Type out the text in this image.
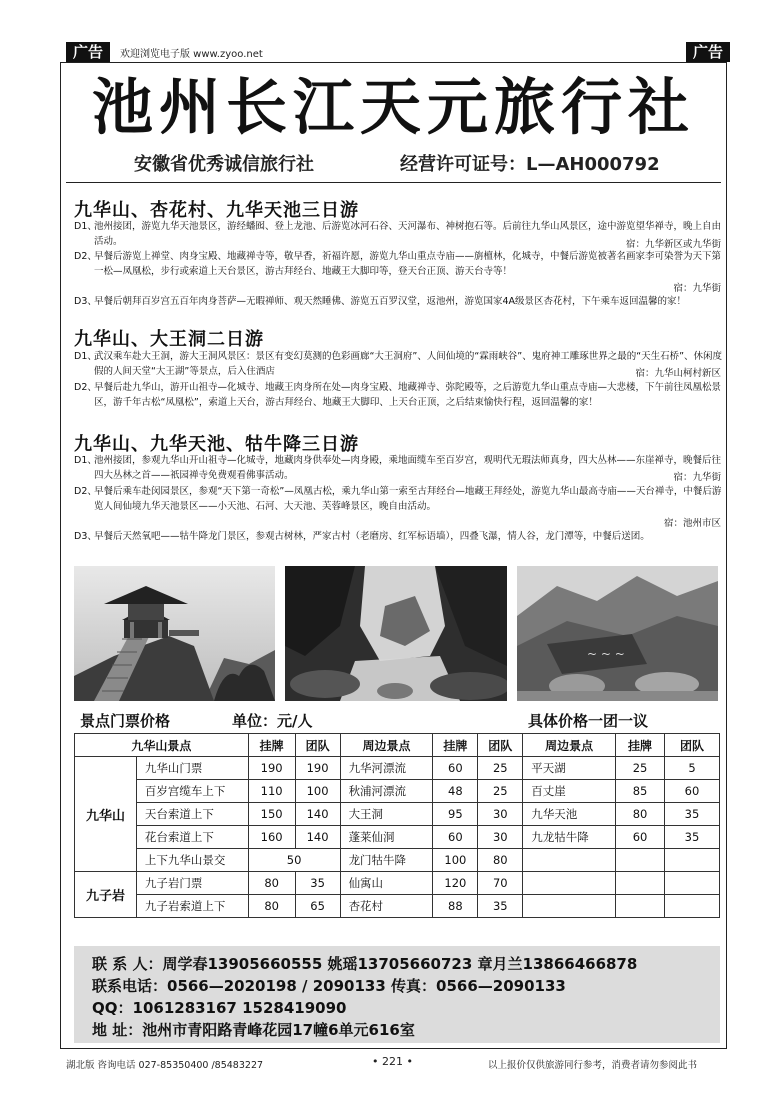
广告	欢迎浏览电子版 www.zyoo.net	广告
池州长江天元旅行社
安徽省优秀诚信旅行社	经营许可证号：L—AH000792
九华山、杏花村、九华天池三日游
D1、
池州接团，游览九华天池景区，游经蟠囮、登上龙池、后游览冰河石谷、天河瀑布、神树抱石等。后前往九华山风景区，途中游览望华禅寺，晚上自由活动。	宿：九华新区或九华街
D2、
早餐后游览上禅堂、肉身宝殿、地藏禅寺等，敬早香，祈福许愿，游览九华山重点寺庙——旃檀林，化城寺，中餐后游览被著名画家李可染誉为天下第一松—凤凰松，步行或索道上天台景区，游古拜经台、地藏王大脚印等，登天台正顶、游天台寺等！
宿：九华街
D3、
早餐后朝拜百岁宫五百年肉身菩萨—无暇禅师、观天然睡佛、游览五百罗汉堂，返池州，游览国家4A级景区杏花村，下午乘车返回温馨的家！
九华山、大王洞二日游
D1、
武汉乘车赴大王洞，游大王洞风景区：景区有变幻莫测的色彩画廊“大王洞府”、人间仙境的“霖雨峡谷”、鬼府神工雕琢世界之最的“天生石桥”、休闲度假的人间天堂“大王湖”等景点，后入住酒店	宿：九华山柯村新区
D2、
早餐后赴九华山，游开山祖寺—化城寺、地藏王肉身所在处—肉身宝殿、地藏禅寺、弥陀殿等，之后游览九华山重点寺庙—大悲楼，下午前往凤凰松景区，游千年古松“凤凰松”，索道上天台，游古拜经台、地藏王大脚印、上天台正顶，之后结束愉快行程，返回温馨的家！
九华山、九华天池、牯牛降三日游
D1、
池州接团，参观九华山开山祖寺—化城寺，地藏肉身供奉处—肉身殿，乘地面缆车至百岁宫，观明代无瑕法师真身，四大丛林——东崖禅寺，晚餐后往四大丛林之首——祇园禅寺免费观看佛事活动。	宿：九华街
D2、
早餐后乘车赴闵园景区，参观“天下第一奇松”—凤凰古松，乘九华山第一索至古拜经台—地藏王拜经处，游览九华山最高寺庙——天台禅寺，中餐后游览人间仙境九华天池景区——小天池、石河、大天池、芙蓉峰景区，晚自由活动。
宿：池州市区
D3、
早餐后天然氧吧——牯牛降龙门景区，参观古树林，严家古村（老磨房、红军标语墙），四叠飞瀑，情人谷，龙门潭等，中餐后送团。
~ ~ ~
景点门票价格	单位：元/人	具体价格一团一议
九华山景点		挂牌	团队	周边景点	挂牌	团队	周边景点	挂牌	团队
九华山	九华山门票	190	190	九华河漂流	60	25	平天湖	25	5
	百岁宫缆车上下	110	100	秋浦河漂流	48	25	百丈崖	85	60
	天台索道上下	150	140	大王洞	95	30	九华天池	80	35
	花台索道上下	160	140	蓬莱仙洞	60	30	九龙牯牛降	60	35
	上下九华山景交	50		龙门牯牛降	100	80			
九子岩	九子岩门票	80	35	仙寓山	120	70			
	九子岩索道上下	80	65	杏花村	88	35			
联 系 人：周学春13905660555 姚瑶13705660723 章月兰13866466878
联系电话：0566—2020198 / 2090133 传真：0566—2090133
QQ：1061283167 1528419090
地 址：池州市青阳路青峰花园17幢6单元616室
湖北版 咨询电话 027-85350400 /85483227	• 221 •	以上报价仅供旅游同行参考，消费者请勿参阅此书
